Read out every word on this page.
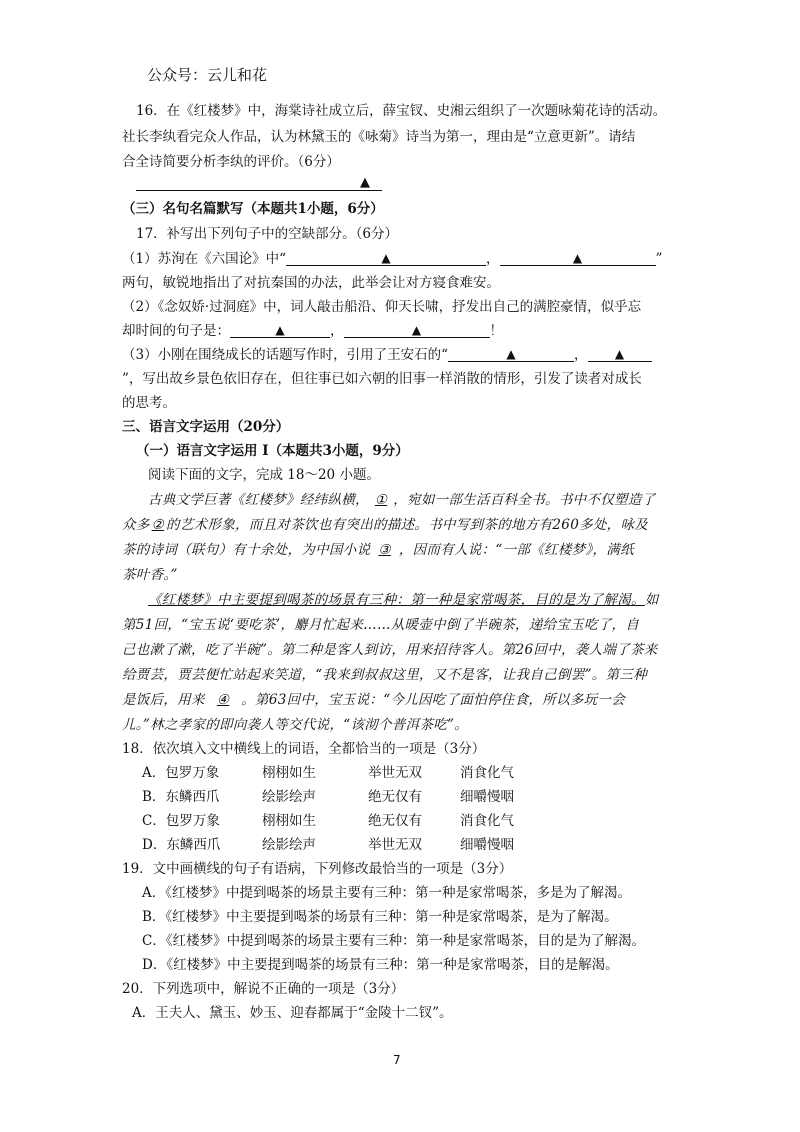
公众号：云儿和花
16．在《红楼梦》中，海棠诗社成立后，薛宝钗、史湘云组织了一次题咏菊花诗的活动。
社长李纨看完众人作品，认为林黛玉的《咏菊》诗当为第一，理由是“立意更新”。请结
合全诗简要分析李纨的评价。（6分）
▲
（三）名句名篇默写（本题共1小题，6分）
17．补写出下列句子中的空缺部分。（6分）
（1）苏洵在《六国论》中“	▲	，	▲	”
两句，敏锐地指出了对抗秦国的办法，此举会让对方寝食难安。
（2）《念奴娇·过洞庭》中，词人敲击船沿、仰天长啸，抒发出自己的满腔豪情，似乎忘
却时间的句子是：	▲	，	▲	！
（3）小刚在围绕成长的话题写作时，引用了王安石的“	▲	， ▲
”，写出故乡景色依旧存在，但往事已如六朝的旧事一样消散的情形，引发了读者对成长
的思考。
三、语言文字运用（20分）
（一）语言文字运用 Ⅰ（本题共3小题，9分）
阅读下面的文字，完成 18～20 小题。
古典文学巨著《红楼梦》经纬纵横， ① ，宛如一部生活百科全书。书中不仅塑造了
众多 ② 的艺术形象，而且对茶饮也有突出的描述。书中写到茶的地方有260多处，咏及
茶的诗词（联句）有十余处，为中国小说 ③ ，因而有人说：“一部《红楼梦》，满纸
茶叶香。”
《红楼梦》中主要提到喝茶的场景有三种：第一种是家常喝茶，目的是为了解渴。如
第51回，“宝玉说‘要吃茶’，麝月忙起来……从暖壶中倒了半碗茶，递给宝玉吃了，自
己也漱了漱，吃了半碗”。第二种是客人到访，用来招待客人。第26回中，袭人端了茶来
给贾芸，贾芸便忙站起来笑道，“我来到叔叔这里，又不是客，让我自己倒罢”。第三种
是饭后，用来 ④ 。第63回中，宝玉说：“今儿因吃了面怕停住食，所以多玩一会
儿。”林之孝家的即向袭人等交代说，“该沏个普洱茶吃”。
18．依次填入文中横线上的词语，全都恰当的一项是（3分）
A．包罗万象	栩栩如生	举世无双	消食化气
B．东鳞西爪	绘影绘声	绝无仅有	细嚼慢咽
C．包罗万象	栩栩如生	绝无仅有	消食化气
D．东鳞西爪	绘影绘声	举世无双	细嚼慢咽
19．文中画横线的句子有语病，下列修改最恰当的一项是（3分）
A．《红楼梦》中提到喝茶的场景主要有三种：第一种是家常喝茶，多是为了解渴。
B．《红楼梦》中主要提到喝茶的场景有三种：第一种是家常喝茶，是为了解渴。
C．《红楼梦》中提到喝茶的场景主要有三种：第一种是家常喝茶，目的是为了解渴。
D．《红楼梦》中主要提到喝茶的场景有三种：第一种是家常喝茶，目的是解渴。
20．下列选项中，解说不正确的一项是（3分）
A．王夫人、黛玉、妙玉、迎春都属于“金陵十二钗”。
7
